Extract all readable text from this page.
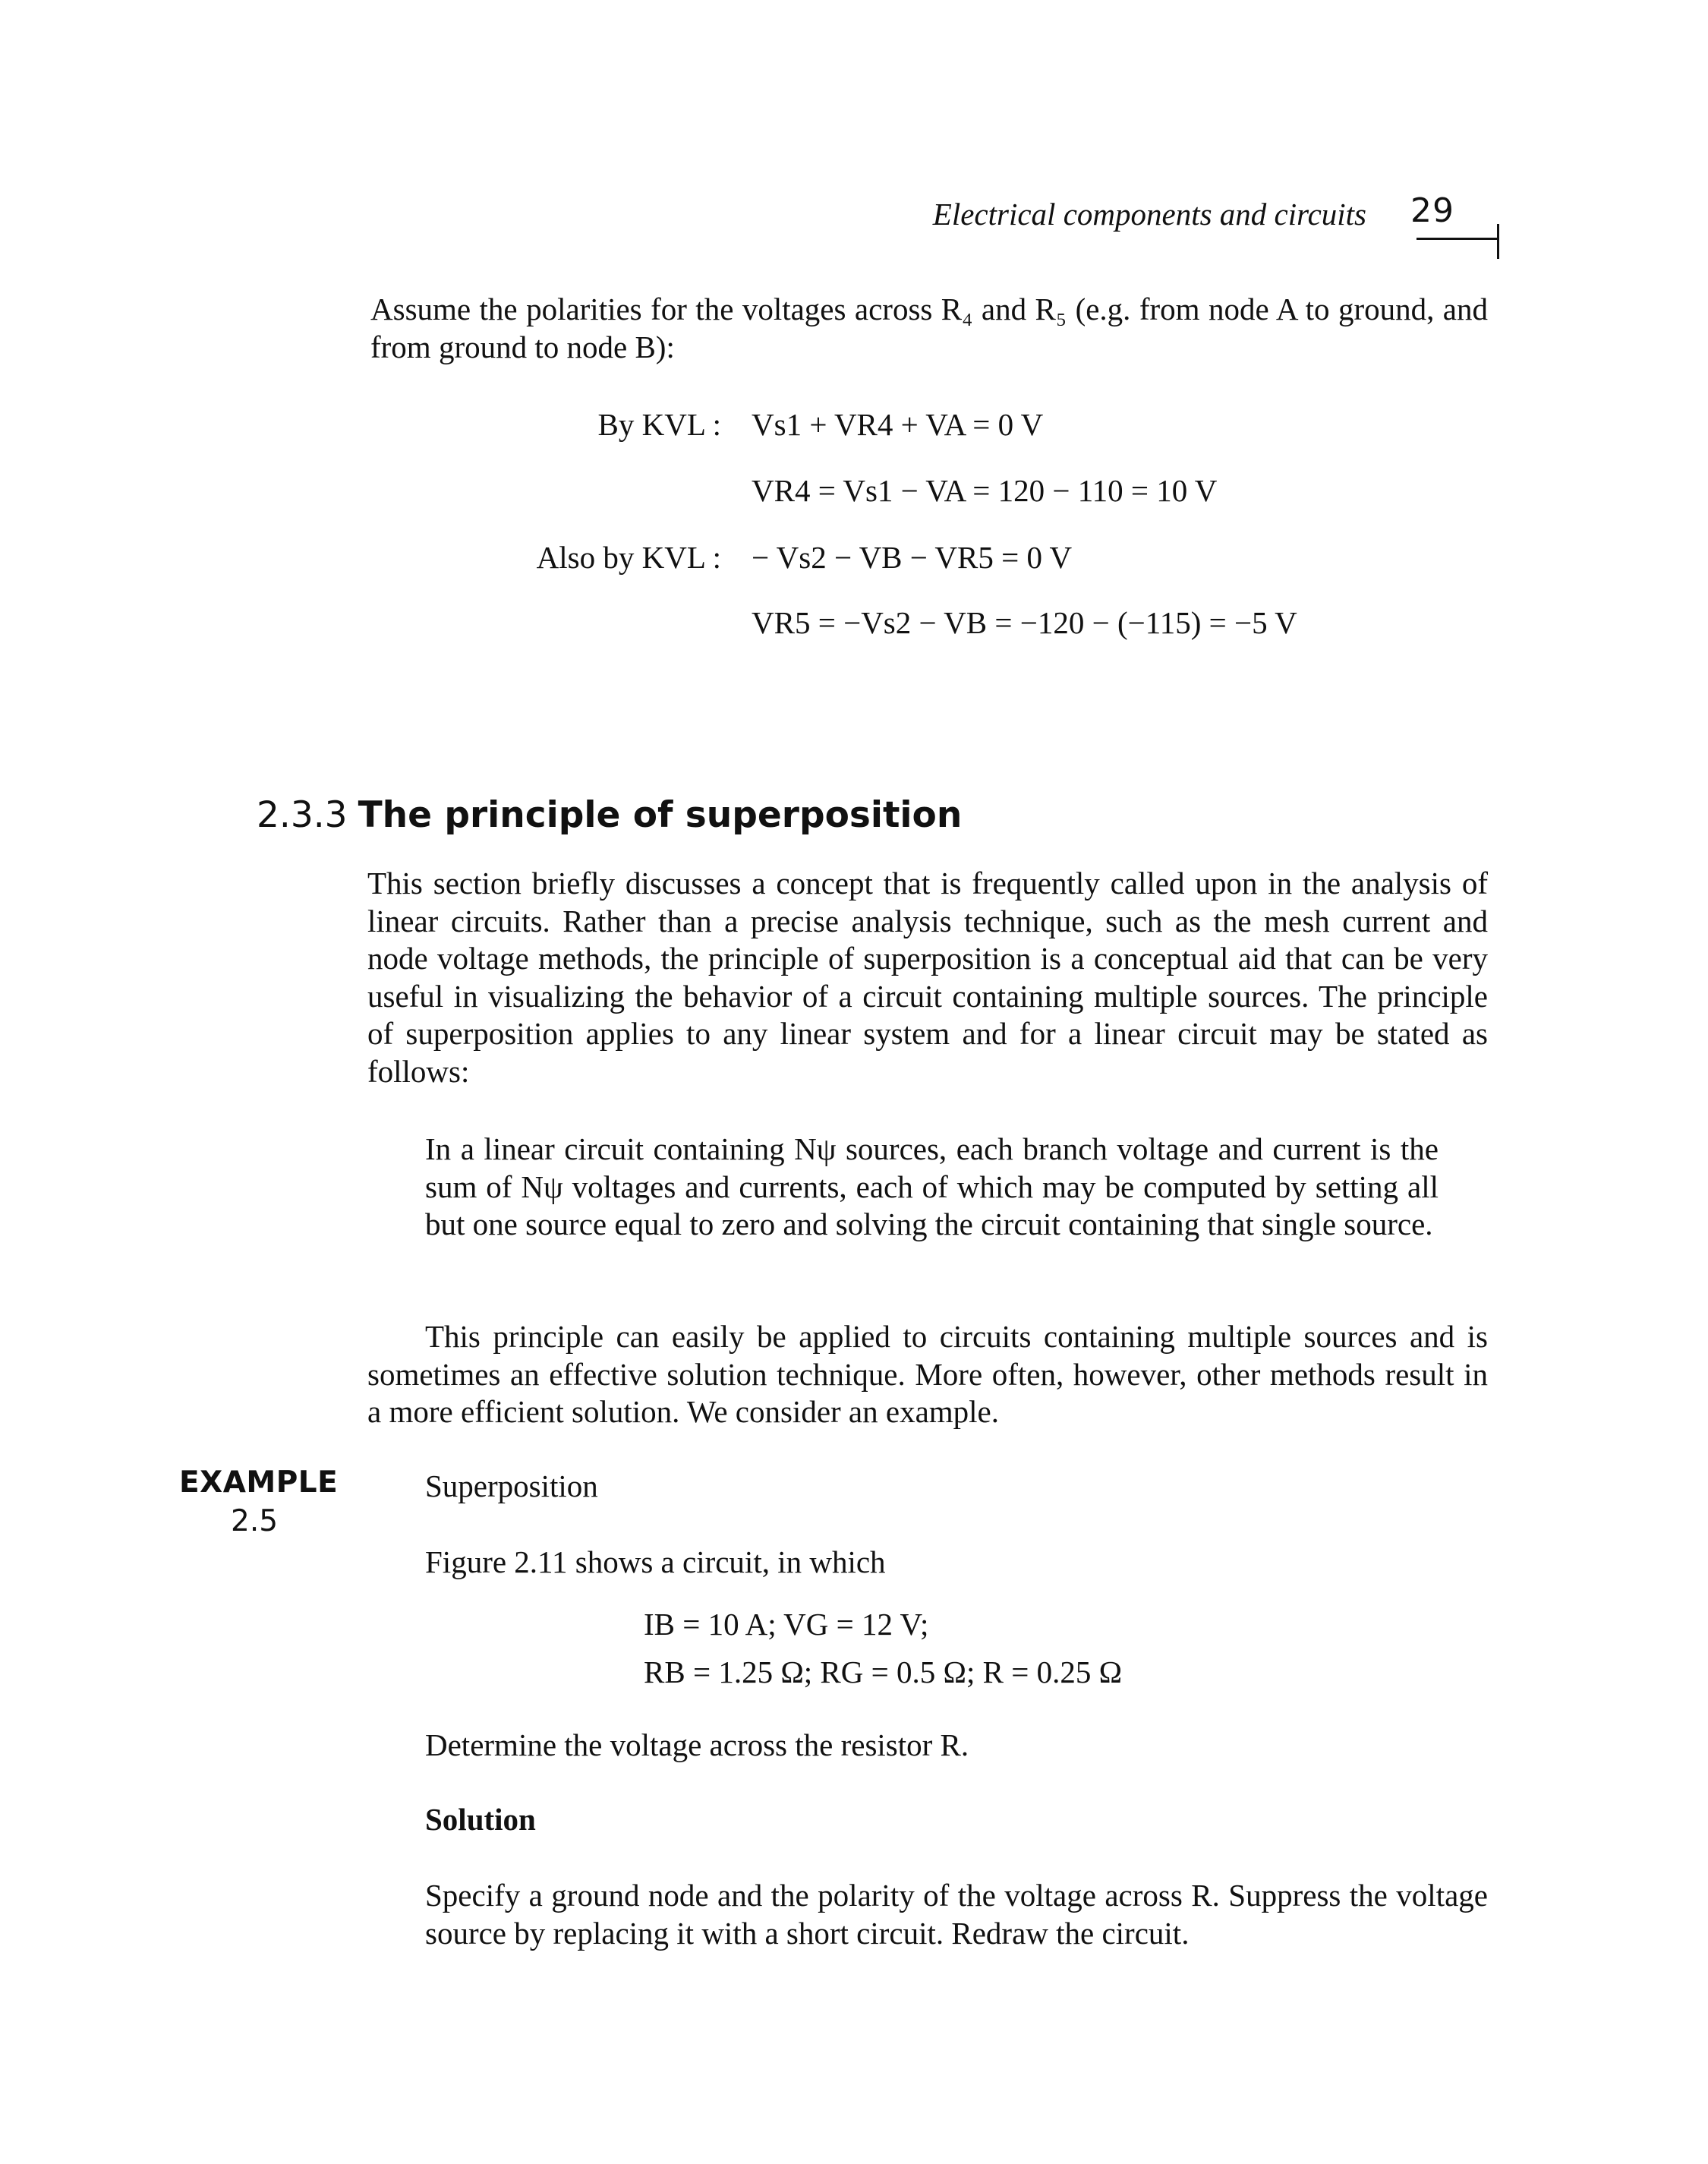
Electrical components and circuits 29

Assume the polarities for the voltages across R₄ and R₅ (e.g. from node A to ground, and from ground to node B):

By KVL : Vs1 + VR4 + VA = 0 V
VR4 = Vs1 − VA = 120 − 110 = 10 V
Also by KVL : − Vs2 − VB − VR5 = 0 V
VR5 = −Vs2 − VB = −120 − (−115) = −5 V
2.3.3 The principle of superposition

This section briefly discusses a concept that is frequently called upon in the analysis of linear circuits. Rather than a precise analysis technique, such as the mesh current and node voltage methods, the principle of superposition is a conceptual aid that can be very useful in visualizing the behavior of a circuit containing multiple sources. The principle of superposition applies to any linear system and for a linear circuit may be stated as follows:

In a linear circuit containing Nψ sources, each branch voltage and current is the sum of Nψ voltages and currents, each of which may be computed by setting all but one source equal to zero and solving the circuit containing that single source.

This principle can easily be applied to circuits containing multiple sources and is sometimes an effective solution technique. More often, however, other methods result in a more efficient solution. We consider an example.

EXAMPLE
2.5
Superposition
Figure 2.11 shows a circuit, in which
IB = 10 A; VG = 12 V;
RB = 1.25 Ω; RG = 0.5 Ω; R = 0.25 Ω
Determine the voltage across the resistor R.
Solution

Specify a ground node and the polarity of the voltage across R. Suppress the voltage source by replacing it with a short circuit. Redraw the circuit.
